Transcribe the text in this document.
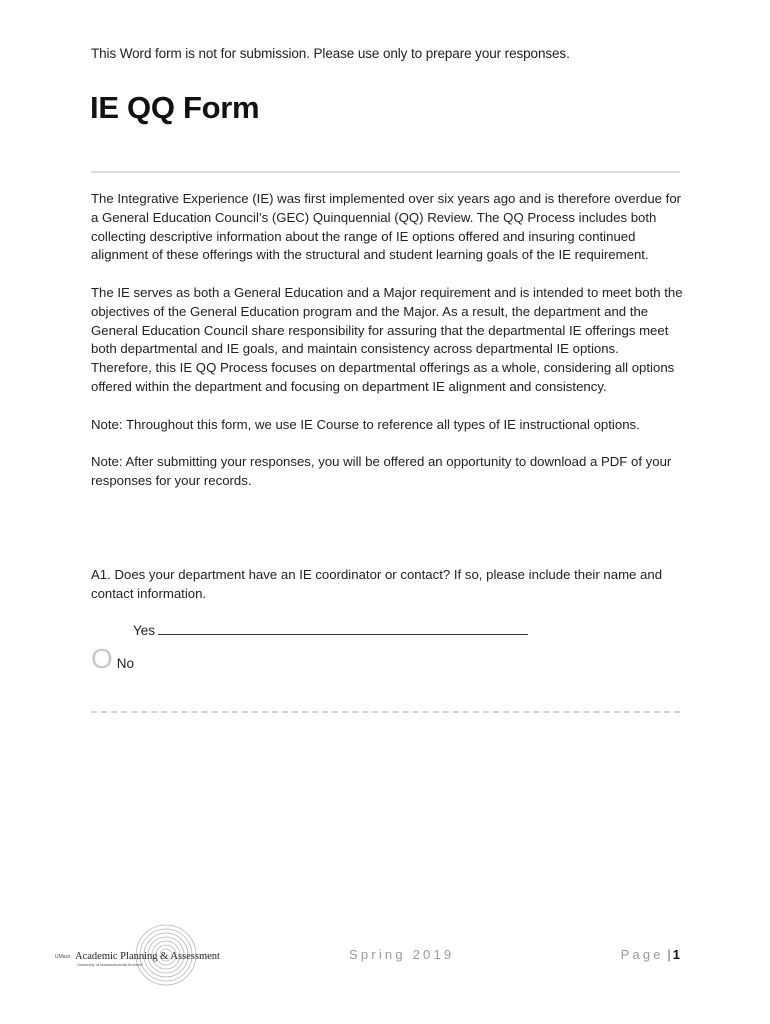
This Word form is not for submission. Please use only to prepare your responses.
IE QQ Form

The Integrative Experience (IE) was first implemented over six years ago and is therefore overdue for a General Education Council’s (GEC) Quinquennial (QQ) Review. The QQ Process includes both collecting descriptive information about the range of IE options offered and insuring continued alignment of these offerings with the structural and student learning goals of the IE requirement.

The IE serves as both a General Education and a Major requirement and is intended to meet both the objectives of the General Education program and the Major. As a result, the department and the General Education Council share responsibility for assuring that the departmental IE offerings meet both departmental and IE goals, and maintain consistency across departmental IE options. Therefore, this IE QQ Process focuses on departmental offerings as a whole, considering all options offered within the department and focusing on department IE alignment and consistency.

Note: Throughout this form, we use IE Course to reference all types of IE instructional options.

Note: After submitting your responses, you will be offered an opportunity to download a PDF of your responses for your records.

A1. Does your department have an IE coordinator or contact? If so, please include their name and contact information.

Yes
O No
UMass Academic Planning & Assessment
University of Massachusetts Amherst
Spring 2019	Page | 1
